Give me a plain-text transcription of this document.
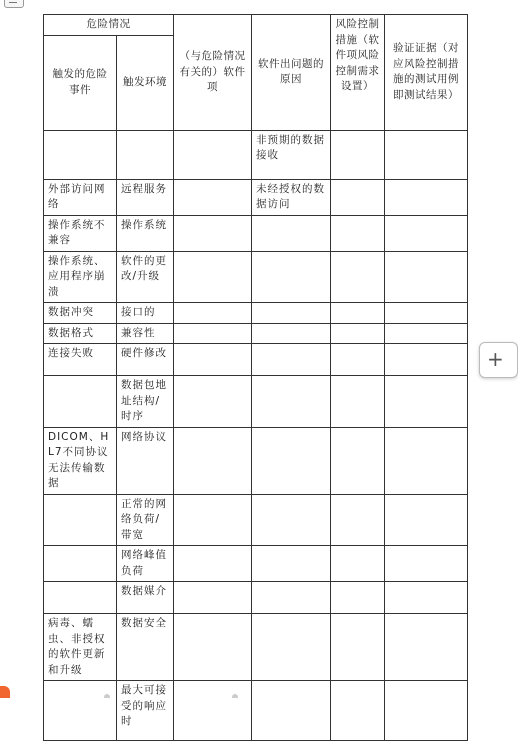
危险情况		（与危险情况有关的）软件项	软件出问题的原因	风险控制措施（软件项风险控制需求设置）	验证证据（对应风险控制措施的测试用例即测试结果）
触发的危险事件	触发环境				
			非预期的数据接收		
外部访问网络	远程服务		未经授权的数据访问		
操作系统不兼容	操作系统				
操作系统、应用程序崩溃	软件的更改/升级				
数据冲突	接口的				
数据格式	兼容性				
连接失败	硬件修改				
	数据包地址结构/时序				
DICOM、HL7不同协议无法传输数据	网络协议				
	正常的网络负荷/带宽				
	网络峰值负荷				
	数据媒介				
病毒、蠕虫、非授权的软件更新和升级	数据安全				
	最大可接受的响应时				
+
